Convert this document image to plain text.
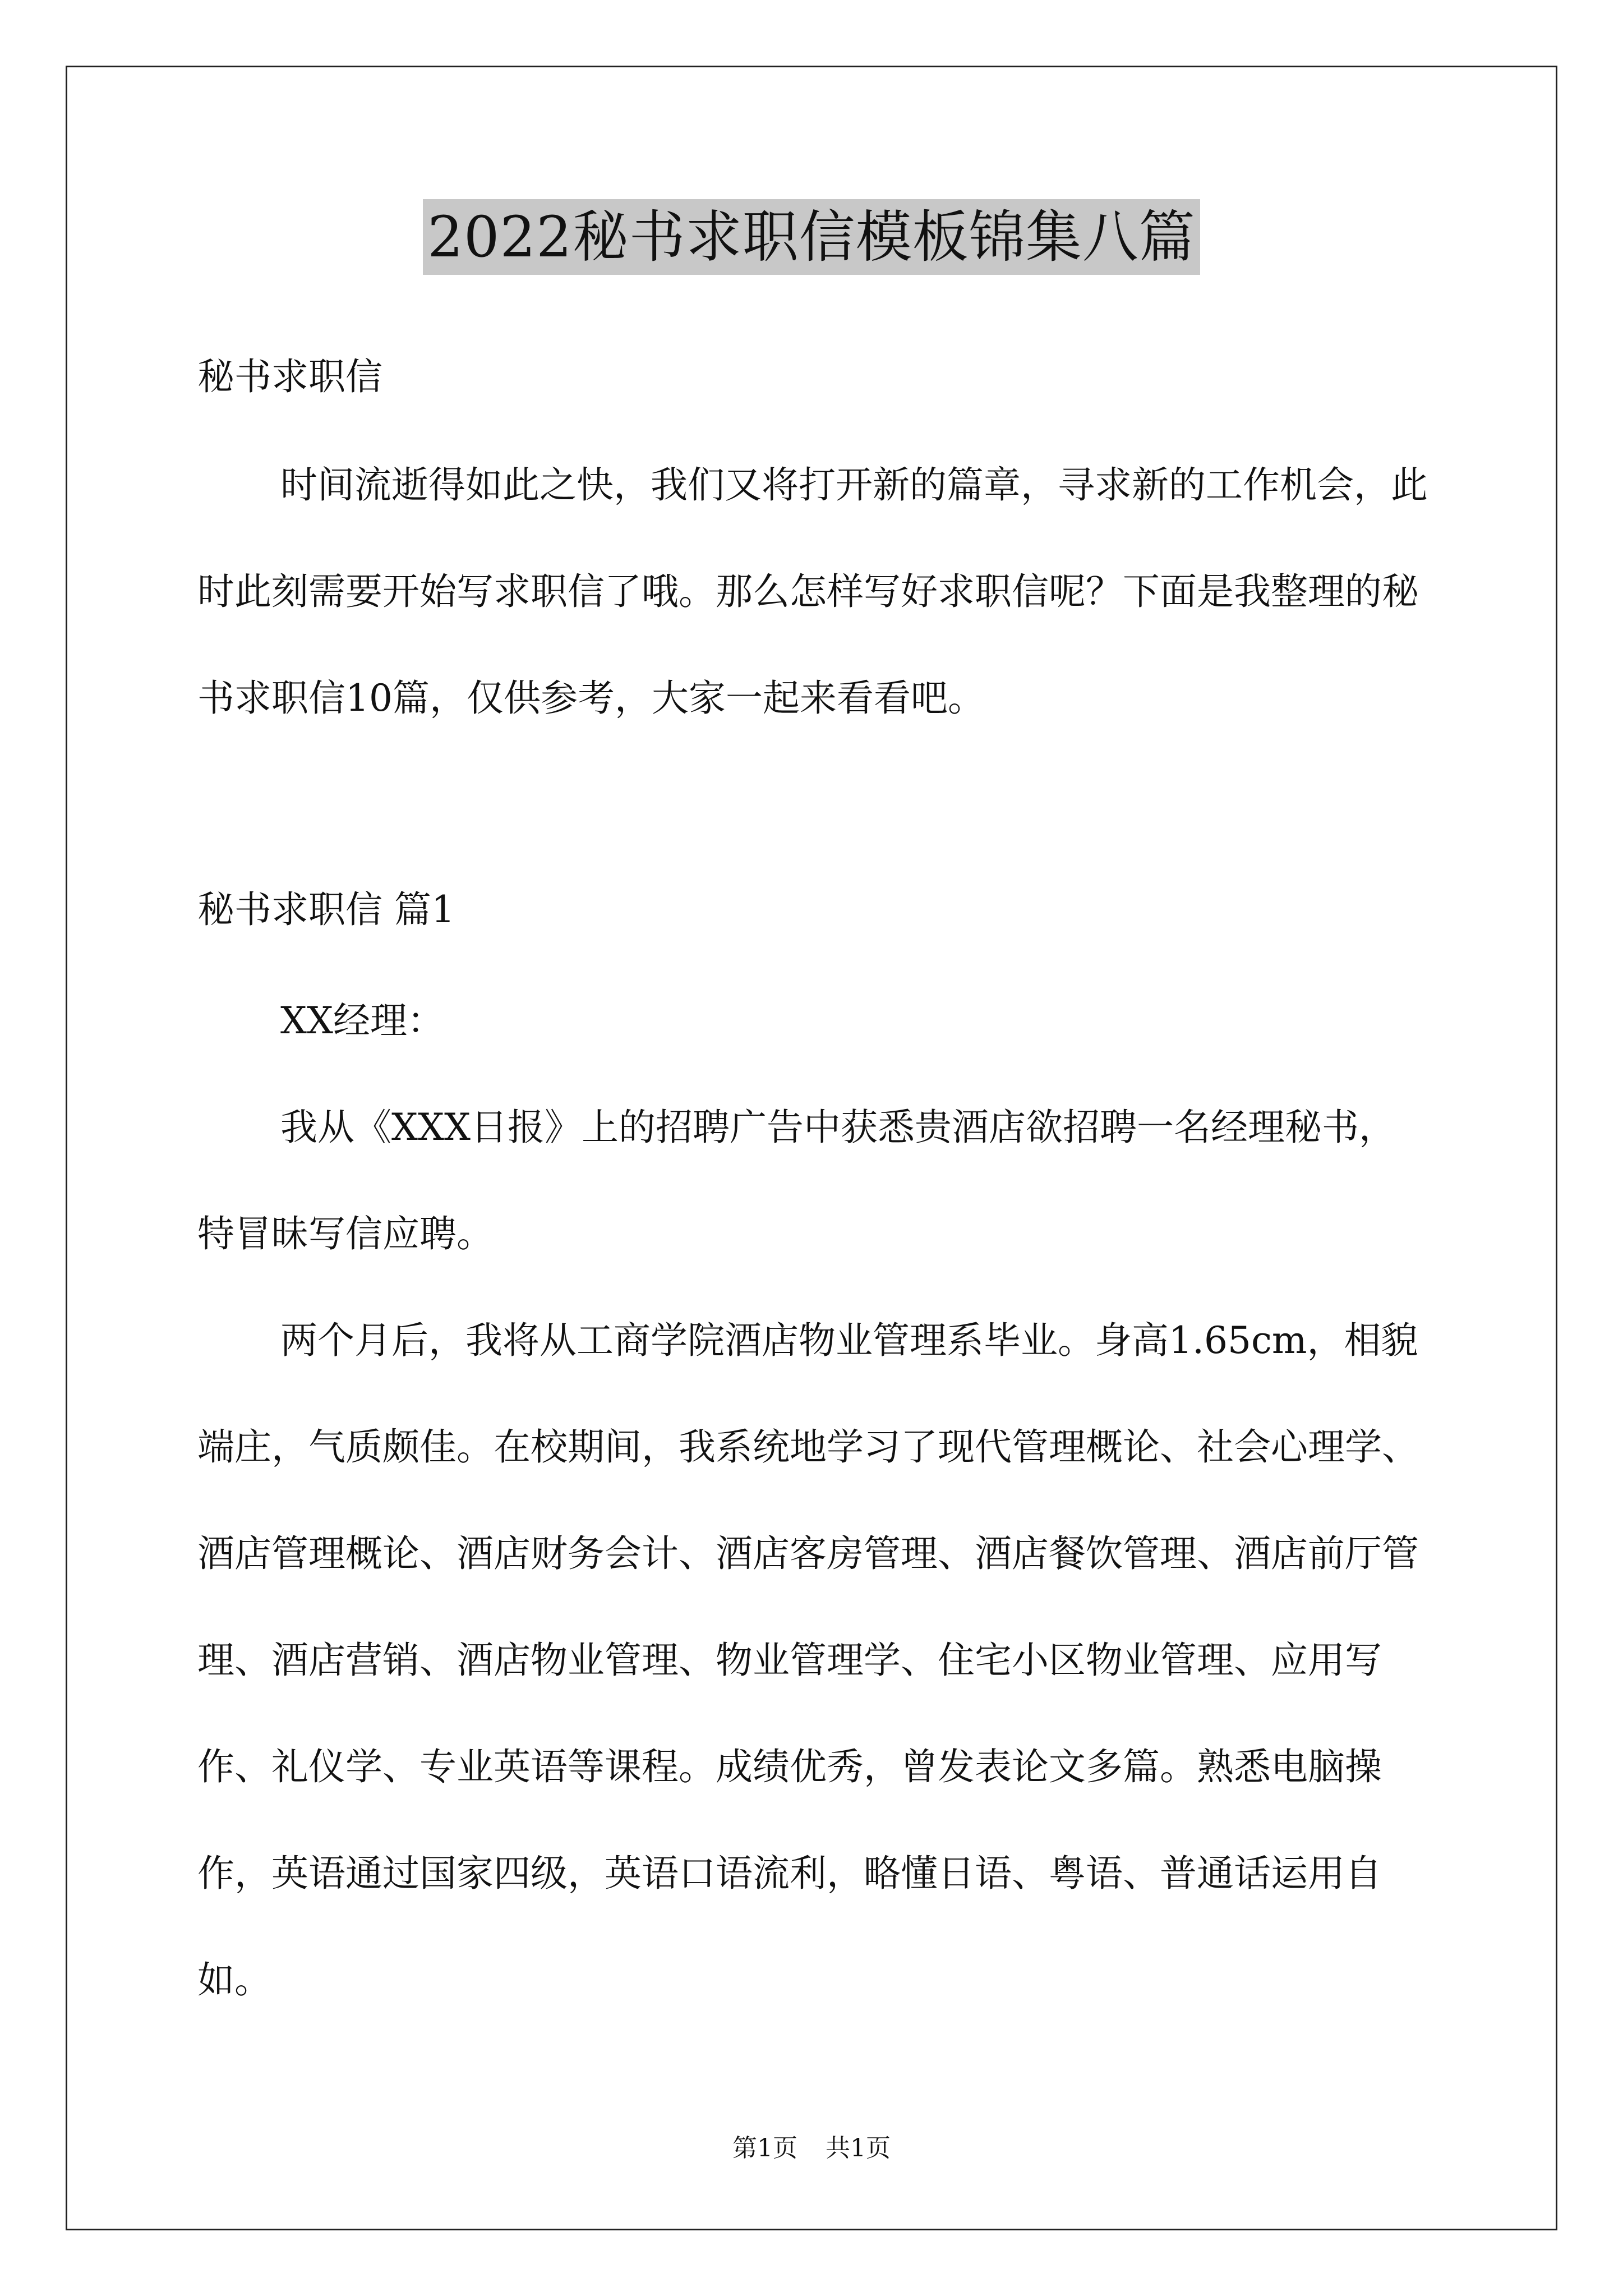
2022秘书求职信模板锦集八篇

秘书求职信

时间流逝得如此之快，我们又将打开新的篇章，寻求新的工作机会，此时此刻需要开始写求职信了哦。那么怎样写好求职信呢？下面是我整理的秘书求职信10篇，仅供参考，大家一起来看看吧。

秘书求职信 篇1

XX经理：

我从《XXX日报》上的招聘广告中获悉贵酒店欲招聘一名经理秘书，特冒昧写信应聘。

两个月后，我将从工商学院酒店物业管理系毕业。身高1.65cm，相貌端庄，气质颇佳。在校期间，我系统地学习了现代管理概论、社会心理学、酒店管理概论、酒店财务会计、酒店客房管理、酒店餐饮管理、酒店前厅管理、酒店营销、酒店物业管理、物业管理学、住宅小区物业管理、应用写作、礼仪学、专业英语等课程。成绩优秀，曾发表论文多篇。熟悉电脑操作，英语通过国家四级，英语口语流利，略懂日语、粤语、普通话运用自如。

第1页 共1页
